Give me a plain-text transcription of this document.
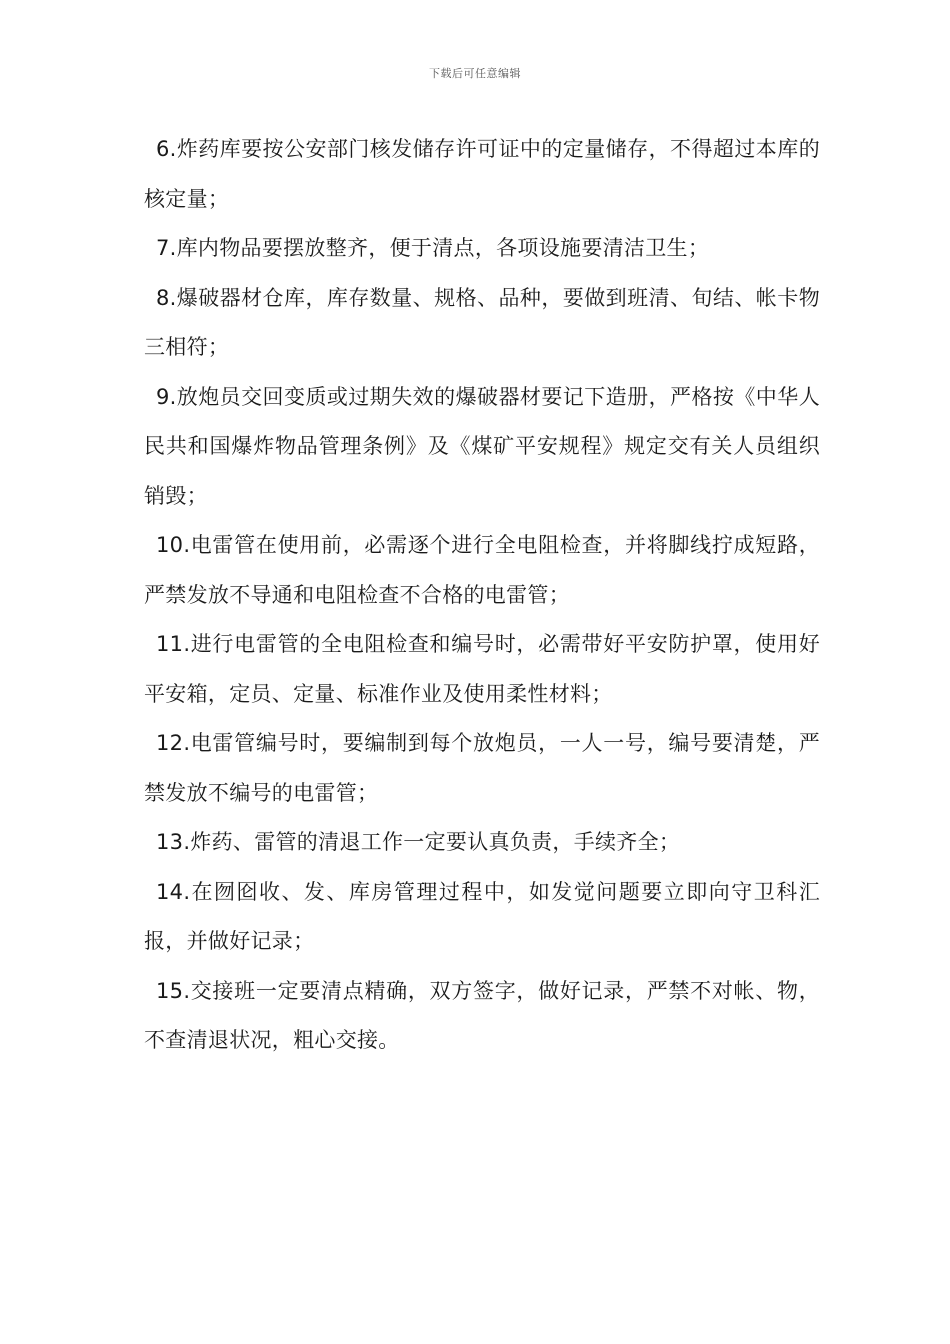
下载后可任意编辑

6.炸药库要按公安部门核发储存许可证中的定量储存，不得超过本库的核定量；

7.库内物品要摆放整齐，便于清点，各项设施要清洁卫生；

8.爆破器材仓库，库存数量、规格、品种，要做到班清、旬结、帐卡物三相符；

9.放炮员交回变质或过期失效的爆破器材要记下造册，严格按《中华人民共和国爆炸物品管理条例》及《煤矿平安规程》规定交有关人员组织销毁；

10.电雷管在使用前，必需逐个进行全电阻检查，并将脚线拧成短路，严禁发放不导通和电阻检查不合格的电雷管；

11.进行电雷管的全电阻检查和编号时，必需带好平安防护罩，使用好平安箱，定员、定量、标准作业及使用柔性材料；

12.电雷管编号时，要编制到每个放炮员，一人一号，编号要清楚，严禁发放不编号的电雷管；

13.炸药、雷管的清退工作一定要认真负责，手续齐全；

14.在囫囵收、发、库房管理过程中，如发觉问题要立即向守卫科汇报，并做好记录；

15.交接班一定要清点精确，双方签字，做好记录，严禁不对帐、物，不查清退状况，粗心交接。
